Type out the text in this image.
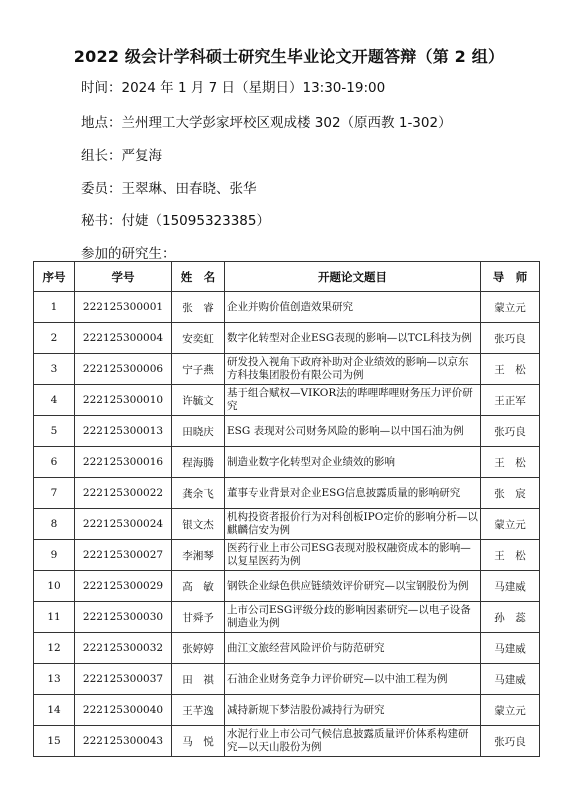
2022 级会计学科硕士研究生毕业论文开题答辩（第 2 组）
时间：2024 年 1 月 7 日（星期日）13:30-19:00
地点：兰州理工大学彭家坪校区观成楼 302（原西教 1-302）
组长：严复海
委员：王翠琳、田春晓、张华
秘书：付婕（15095323385）
参加的研究生：
序号	学号	姓　名	开题论文题目	导　师
1	222125300001	张　睿	企业并购价值创造效果研究	蒙立元
2	222125300004	安奕虹	数字化转型对企业ESG表现的影响—以TCL科技为例	张巧良
3	222125300006	宁子燕	研发投入视角下政府补助对企业绩效的影响—以京东方科技集团股份有限公司为例	王　松
4	222125300010	许毓文	基于组合赋权—VIKOR法的哔哩哔哩财务压力评价研究	王正军
5	222125300013	田晓庆	ESG 表现对公司财务风险的影响—以中国石油为例	张巧良
6	222125300016	程海腾	制造业数字化转型对企业绩效的影响	王　松
7	222125300022	龚余飞	董事专业背景对企业ESG信息披露质量的影响研究	张　宸
8	222125300024	银文杰	机构投资者报价行为对科创板IPO定价的影响分析—以麒麟信安为例	蒙立元
9	222125300027	李湘琴	医药行业上市公司ESG表现对股权融资成本的影响—以复星医药为例	王　松
10	222125300029	高　敏	钢铁企业绿色供应链绩效评价研究—以宝钢股份为例	马建威
11	222125300030	甘舜予	上市公司ESG评级分歧的影响因素研究—以电子设备制造业为例	孙　蕊
12	222125300032	张婷婷	曲江文旅经营风险评价与防范研究	马建威
13	222125300037	田　祺	石油企业财务竞争力评价研究—以中油工程为例	马建威
14	222125300040	王芊逸	减持新规下梦洁股份减持行为研究	蒙立元
15	222125300043	马　悦	水泥行业上市公司气候信息披露质量评价体系构建研究—以天山股份为例	张巧良
